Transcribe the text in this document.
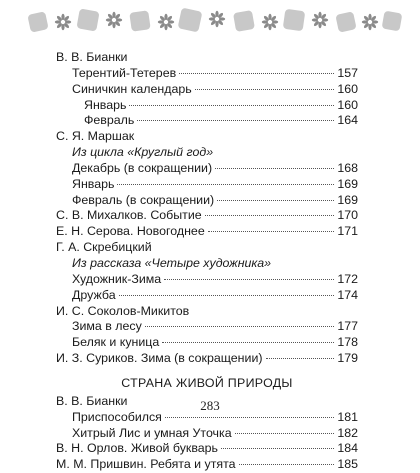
В. В. Бианки
Терентий-Тетерев	157
Синичкин календарь	160
Январь	160
Февраль	164
С. Я. Маршак
Из цикла «Круглый год»
Декабрь (в сокращении)	168
Январь	169
Февраль (в сокращении)	169
С. В. Михалков. Событие	170
Е. Н. Серова. Новогоднее	171
Г. А. Скребицкий
Из рассказа «Четыре художника»
Художник-Зима	172
Дружба	174
И. С. Соколов-Микитов
Зима в лесу	177
Беляк и куница	178
И. З. Суриков. Зима (в сокращении)	179
СТРАНА ЖИВОЙ ПРИРОДЫ
В. В. Бианки
Приспособился	181
Хитрый Лис и умная Уточка	182
В. Н. Орлов. Живой букварь	184
М. М. Пришвин. Ребята и утята	185
283
